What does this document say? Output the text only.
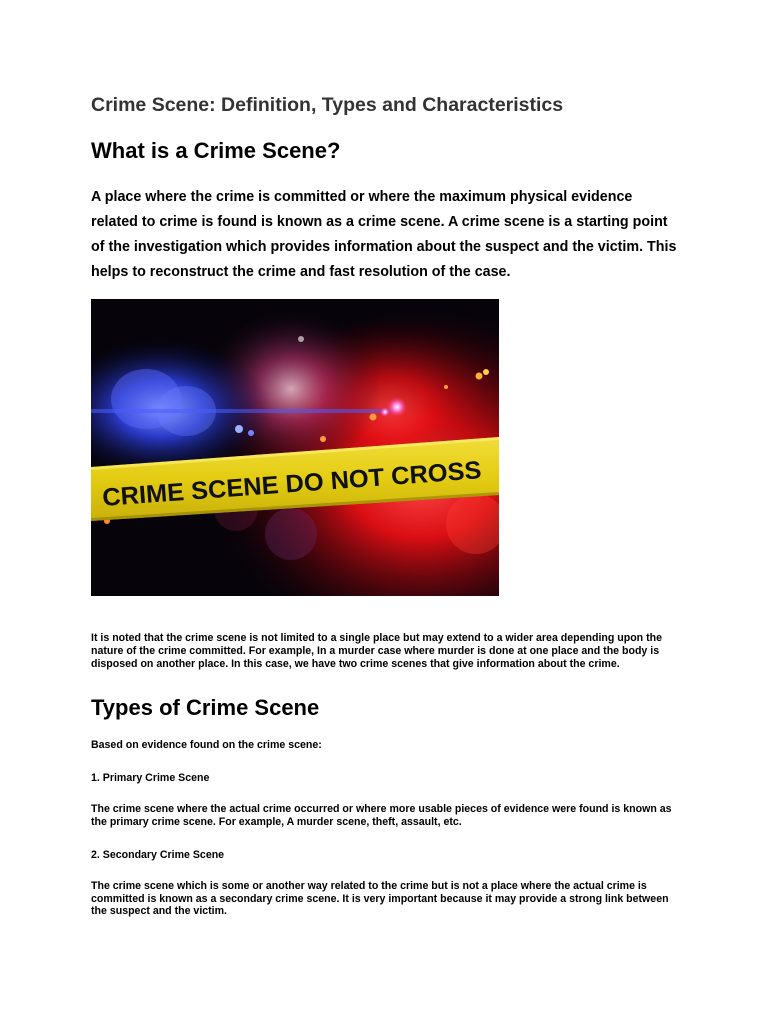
Crime Scene: Definition, Types and Characteristics
What is a Crime Scene?

A place where the crime is committed or where the maximum physical evidence related to crime is found is known as a crime scene. A crime scene is a starting point of the investigation which provides information about the suspect and the victim. This helps to reconstruct the crime and fast resolution of the case.

CRIME SCENE DO NOT CROSS

It is noted that the crime scene is not limited to a single place but may extend to a wider area depending upon the nature of the crime committed. For example, In a murder case where murder is done at one place and the body is disposed on another place. In this case, we have two crime scenes that give information about the crime.

Types of Crime Scene

Based on evidence found on the crime scene:

1. Primary Crime Scene

The crime scene where the actual crime occurred or where more usable pieces of evidence were found is known as the primary crime scene. For example, A murder scene, theft, assault, etc.

2. Secondary Crime Scene

The crime scene which is some or another way related to the crime but is not a place where the actual crime is committed is known as a secondary crime scene. It is very important because it may provide a strong link between the suspect and the victim.
